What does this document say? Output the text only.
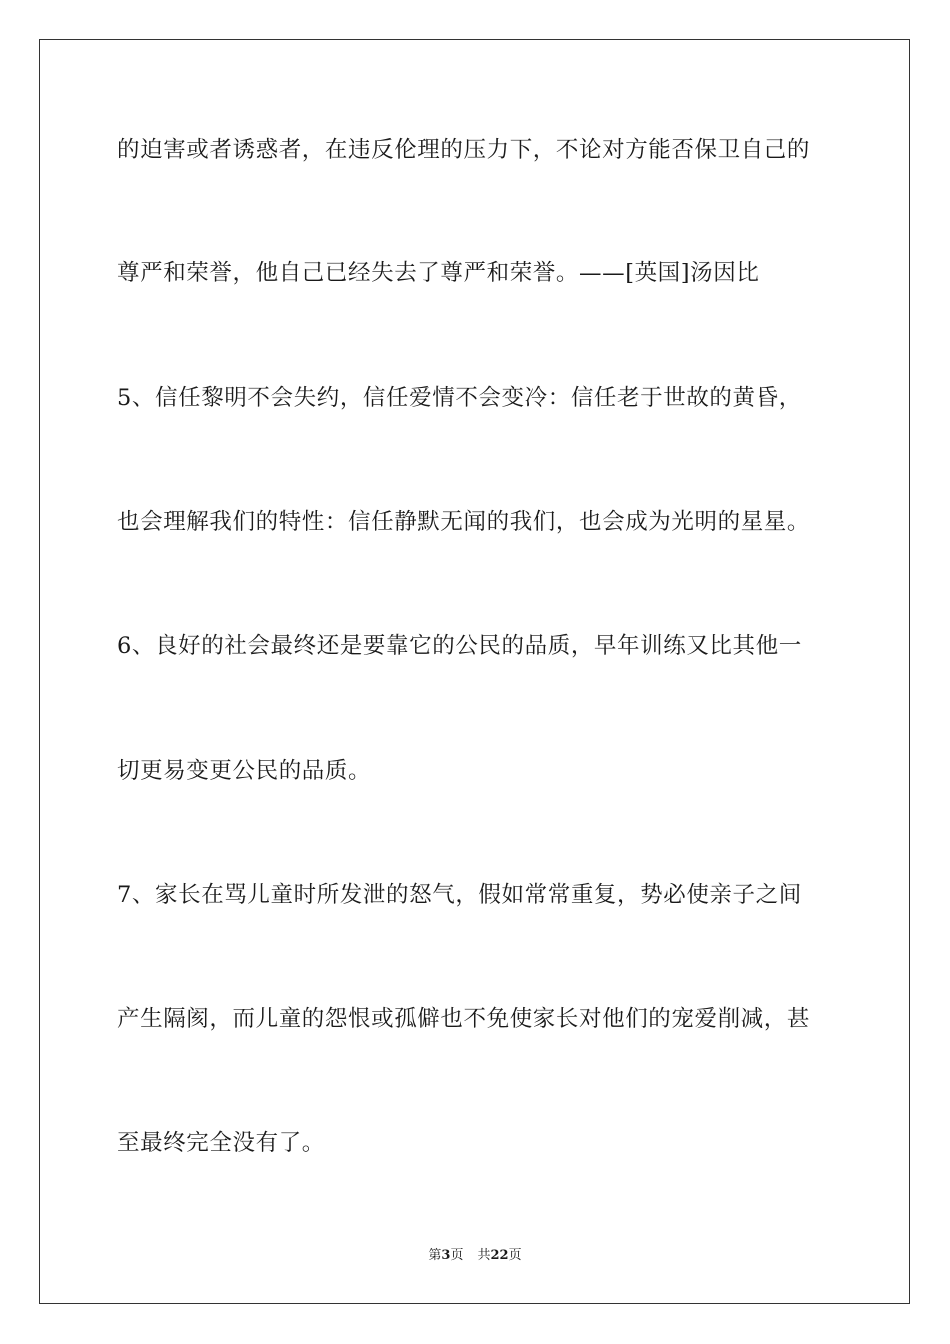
的迫害或者诱惑者，在违反伦理的压力下，不论对方能否保卫自己的
尊严和荣誉，他自己已经失去了尊严和荣誉。——[英国]汤因比
5、信任黎明不会失约，信任爱情不会变冷：信任老于世故的黄昏，
也会理解我们的特性：信任静默无闻的我们，也会成为光明的星星。
6、良好的社会最终还是要靠它的公民的品质，早年训练又比其他一
切更易变更公民的品质。
7、家长在骂儿童时所发泄的怒气，假如常常重复，势必使亲子之间
产生隔阂，而儿童的怨恨或孤僻也不免使家长对他们的宠爱削减，甚
至最终完全没有了。
第3页 共22页
